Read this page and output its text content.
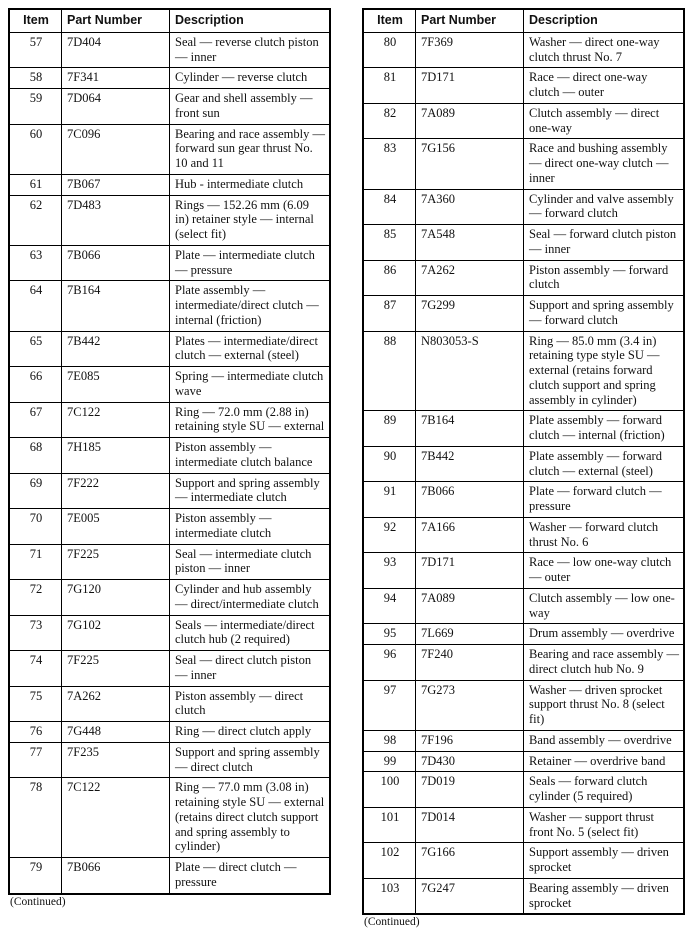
Item	Part Number	Description
57	7D404	Seal — reverse clutch piston — inner
58	7F341	Cylinder — reverse clutch
59	7D064	Gear and shell assembly — front sun
60	7C096	Bearing and race assembly — forward sun gear thrust No. 10 and 11
61	7B067	Hub - intermediate clutch
62	7D483	Rings — 152.26 mm (6.09 in) retainer style — internal (select fit)
63	7B066	Plate — intermediate clutch — pressure
64	7B164	Plate assembly — intermediate/direct clutch — internal (friction)
65	7B442	Plates — intermediate/direct clutch — external (steel)
66	7E085	Spring — intermediate clutch wave
67	7C122	Ring — 72.0 mm (2.88 in) retaining style SU — external
68	7H185	Piston assembly — intermediate clutch balance
69	7F222	Support and spring assembly — intermediate clutch
70	7E005	Piston assembly — intermediate clutch
71	7F225	Seal — intermediate clutch piston — inner
72	7G120	Cylinder and hub assembly — direct/intermediate clutch
73	7G102	Seals — intermediate/direct clutch hub (2 required)
74	7F225	Seal — direct clutch piston — inner
75	7A262	Piston assembly — direct clutch
76	7G448	Ring — direct clutch apply
77	7F235	Support and spring assembly — direct clutch
78	7C122	Ring — 77.0 mm (3.08 in) retaining style SU — external (retains direct clutch support and spring assembly to cylinder)
79	7B066	Plate — direct clutch — pressure
(Continued)
Item	Part Number	Description
80	7F369	Washer — direct one-way clutch thrust No. 7
81	7D171	Race — direct one-way clutch — outer
82	7A089	Clutch assembly — direct one-way
83	7G156	Race and bushing assembly — direct one-way clutch — inner
84	7A360	Cylinder and valve assembly — forward clutch
85	7A548	Seal — forward clutch piston — inner
86	7A262	Piston assembly — forward clutch
87	7G299	Support and spring assembly — forward clutch
88	N803053-S	Ring — 85.0 mm (3.4 in) retaining type style SU — external (retains forward clutch support and spring assembly in cylinder)
89	7B164	Plate assembly — forward clutch — internal (friction)
90	7B442	Plate assembly — forward clutch — external (steel)
91	7B066	Plate — forward clutch — pressure
92	7A166	Washer — forward clutch thrust No. 6
93	7D171	Race — low one-way clutch — outer
94	7A089	Clutch assembly — low one-way
95	7L669	Drum assembly — overdrive
96	7F240	Bearing and race assembly — direct clutch hub No. 9
97	7G273	Washer — driven sprocket support thrust No. 8 (select fit)
98	7F196	Band assembly — overdrive
99	7D430	Retainer — overdrive band
100	7D019	Seals — forward clutch cylinder (5 required)
101	7D014	Washer — support thrust front No. 5 (select fit)
102	7G166	Support assembly — driven sprocket
103	7G247	Bearing assembly — driven sprocket
(Continued)
